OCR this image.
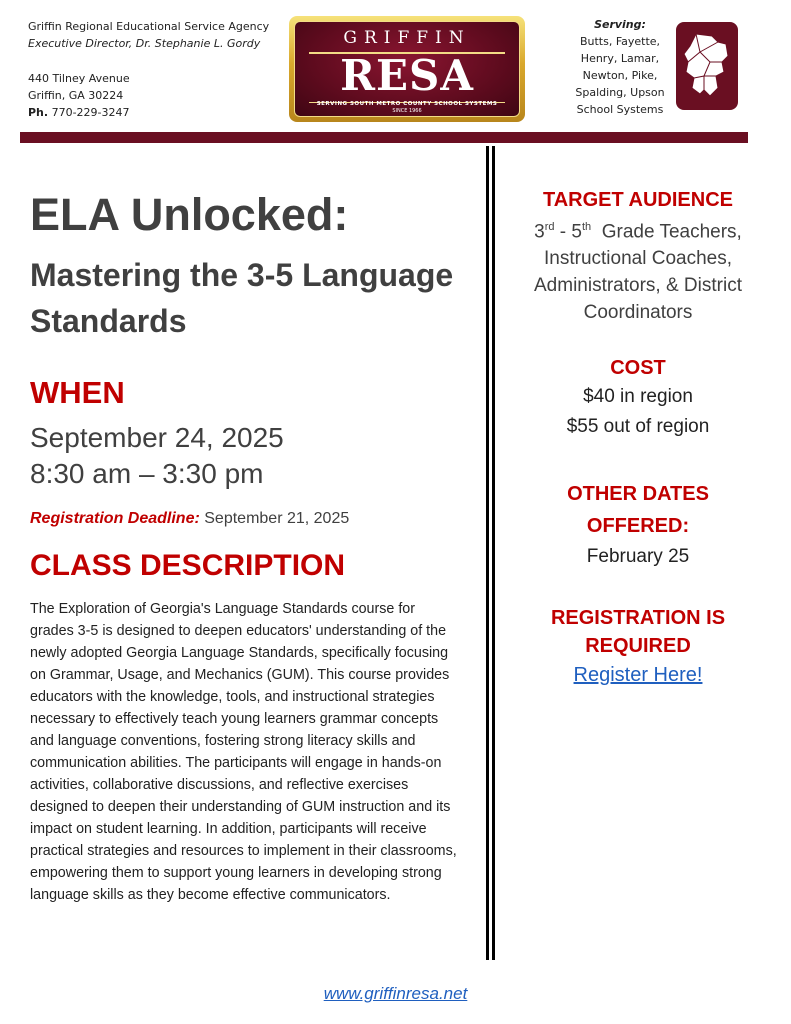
Griffin Regional Educational Service Agency
Executive Director, Dr. Stephanie L. Gordy
440 Tilney Avenue
Griffin, GA 30224
Ph. 770-229-3247
GRIFFIN
RESA
SERVING SOUTH METRO COUNTY SCHOOL SYSTEMS
SINCE 1966
Serving:
Butts, Fayette,
Henry, Lamar,
Newton, Pike,
Spalding, Upson
School Systems
ELA Unlocked:
Mastering the 3-5 Language Standards
WHEN
September 24, 2025
8:30 am – 3:30 pm
Registration Deadline: September 21, 2025
CLASS DESCRIPTION
The Exploration of Georgia's Language Standards course for grades 3-5 is designed to deepen educators' understanding of the newly adopted Georgia Language Standards, specifically focusing on Grammar, Usage, and Mechanics (GUM). This course provides educators with the knowledge, tools, and instructional strategies necessary to effectively teach young learners grammar concepts and language conventions, fostering strong literacy skills and communication abilities. The participants will engage in hands-on activities, collaborative discussions, and reflective exercises designed to deepen their understanding of GUM instruction and its impact on student learning. In addition, participants will receive practical strategies and resources to implement in their classrooms, empowering them to support young learners in developing strong language skills as they become effective communicators.
TARGET AUDIENCE
3rd - 5th  Grade Teachers,
Instructional Coaches,
Administrators, & District
Coordinators
COST
$40 in region
$55 out of region
OTHER DATES
OFFERED:
February 25
REGISTRATION IS
REQUIRED
Register Here!
www.griffinresa.net
